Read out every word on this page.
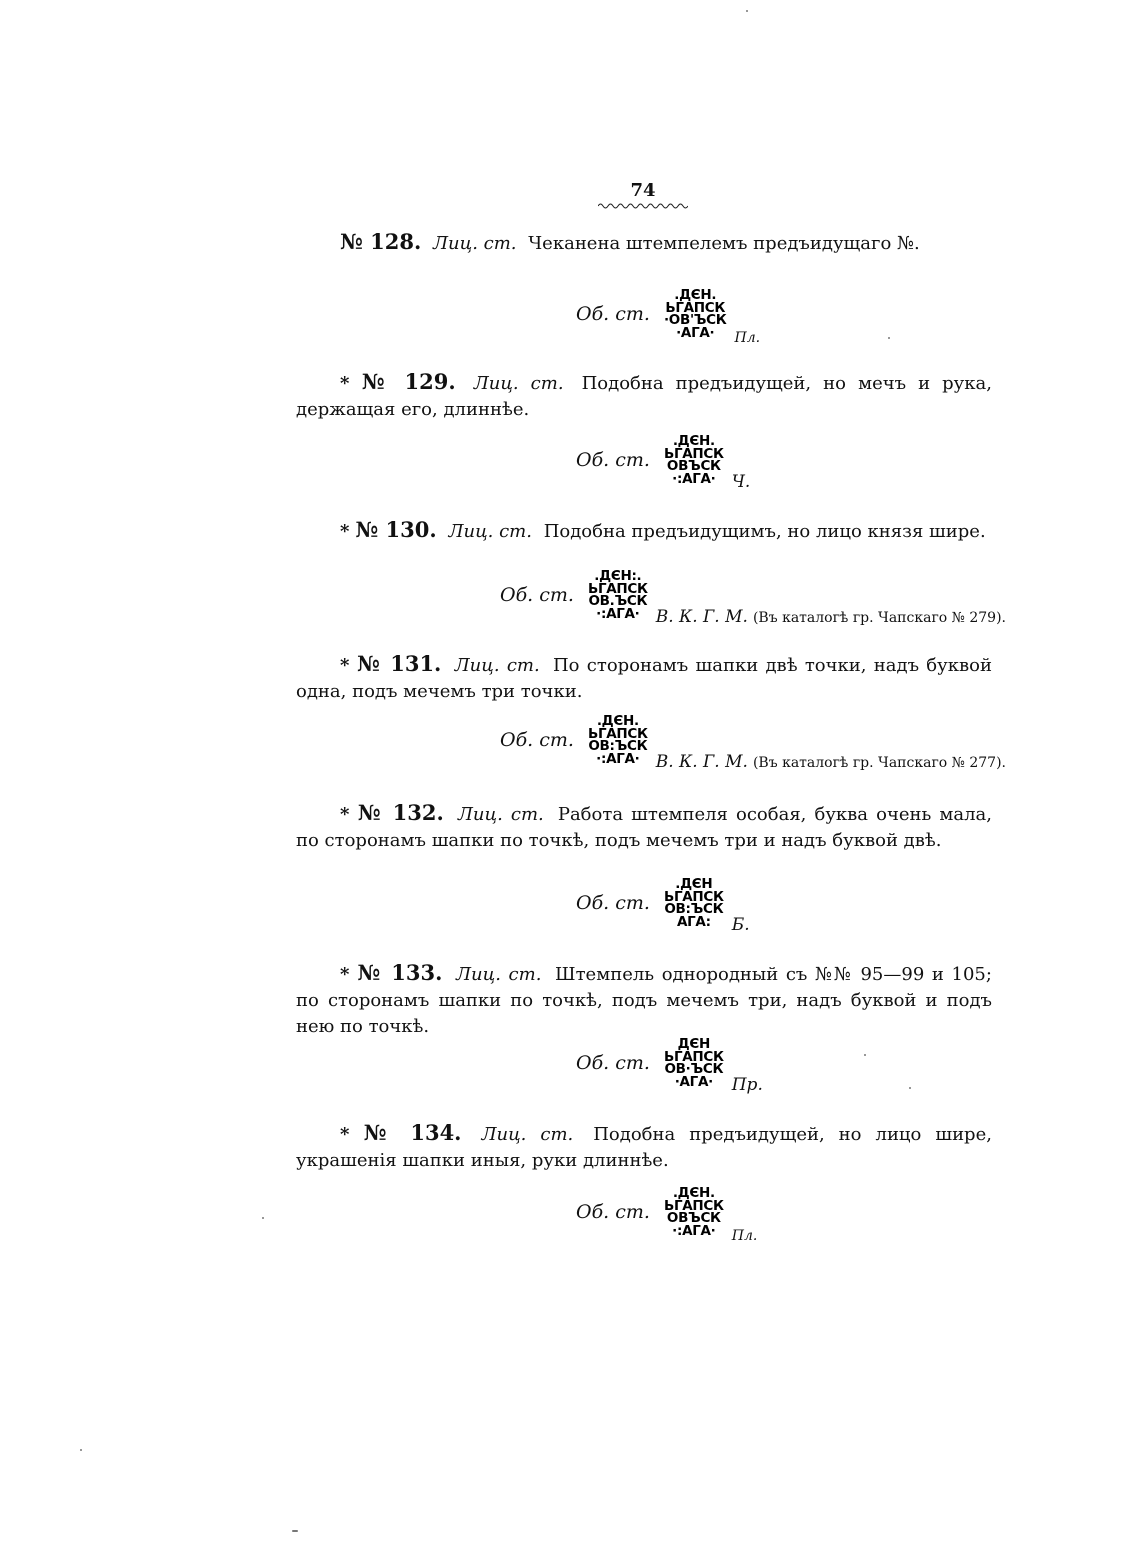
74
№ 128. Лиц. ст. Чеканена штемпелемъ предъидущаго №.
Об. ст.
.ДЄН.
ЬГАПСК
·ОВ'ЪСК
·АГА·	Пл.
* № 129. Лиц. ст. Подобна предъидущей, но мечъ и рука, держащая его, длиннѣе.
Об. ст.
.ДЄН.
ЬГАПСК
ОВЪСК
·:АГА· Ч.
* № 130. Лиц. ст. Подобна предъидущимъ, но лицо князя шире.
Об. ст.
.ДЄН:.
ЬГАПСК
ОВ.ЪСК
·:АГА· В. К. Г. М. (Въ каталогѣ гр. Чапскаго № 279).
* № 131. Лиц. ст. По сторонамъ шапки двѣ точки, надъ буквой одна, подъ мечемъ три точки.
Об. ст.
.ДЄН.
ЬГАПСК
ОВ:ЪСК
·:АГА· В. К. Г. М. (Въ каталогѣ гр. Чапскаго № 277).
* № 132. Лиц. ст. Работа штемпеля особая, буква очень мала, по сторонамъ шапки по точкѣ, подъ мечемъ три и надъ буквой двѣ.
Об. ст.
.ДЄН
ЬГАПСК
ОВ:ЪСК
АГА:	Б.
* № 133. Лиц. ст. Штемпель однородный съ №№ 95—99 и 105; по сторонамъ шапки по точкѣ, подъ мечемъ три, надъ буквой и подъ нею по точкѣ.
Об. ст.
ДЄН
ЬГАПСК
ОВ·ЪСК
·АГА·	Пр.
* № 134. Лиц. ст. Подобна предъидущей, но лицо шире, украшенія шапки иныя, руки длиннѣе.
Об. ст.
.ДЄН.
ЬГАПСК
ОВЪСК
·:АГА·	Пл.
